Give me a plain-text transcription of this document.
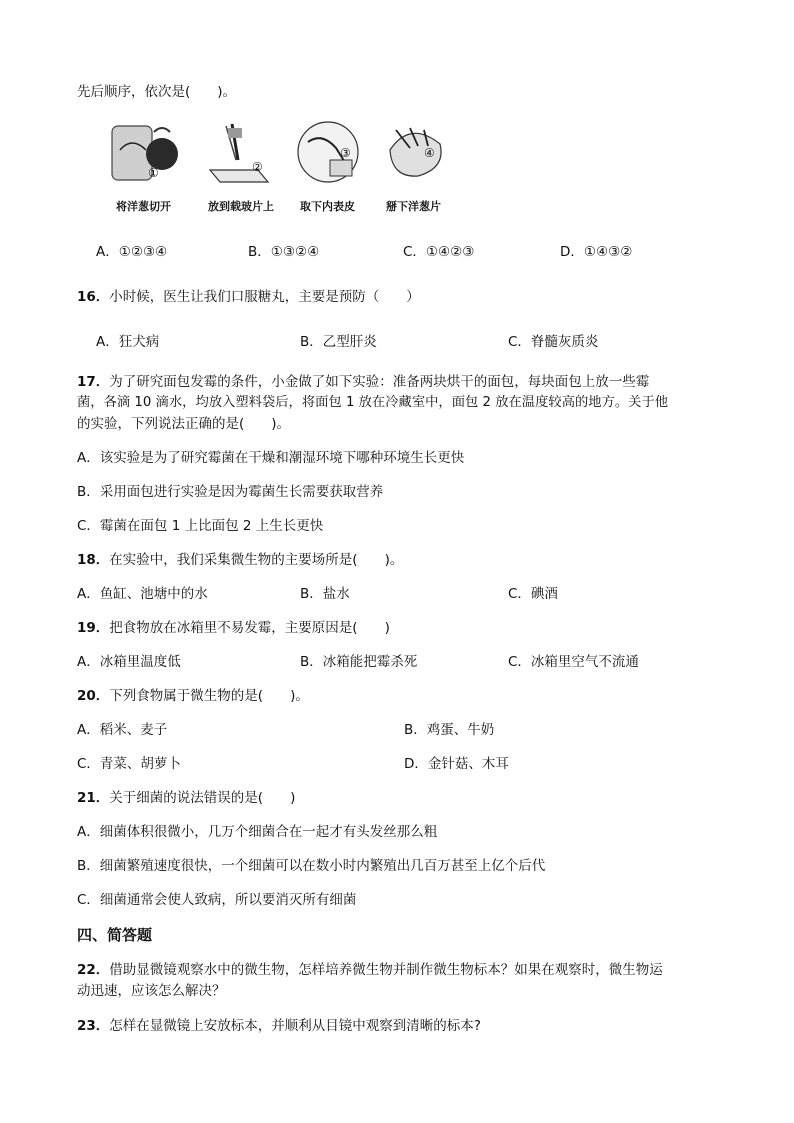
先后顺序，依次是(　　)。
①	②
③	④
将洋葱切开	放到载玻片上 取下内表皮	掰下洋葱片
A．①②③④	B．①③②④	C．①④②③	D．①④③②
16．小时候，医生让我们口服糖丸，主要是预防（　　）
A．狂犬病	B．乙型肝炎	C．脊髓灰质炎
17．为了研究面包发霉的条件，小金做了如下实验：准备两块烘干的面包，每块面包上放一些霉
菌，各滴 10 滴水，均放入塑料袋后，将面包 1 放在冷藏室中，面包 2 放在温度较高的地方。关于他
的实验，下列说法正确的是(　　)。
A．该实验是为了研究霉菌在干燥和潮湿环境下哪种环境生长更快
B．采用面包进行实验是因为霉菌生长需要获取营养
C．霉菌在面包 1 上比面包 2 上生长更快
18．在实验中，我们采集微生物的主要场所是(　　)。
A．鱼缸、池塘中的水	B．盐水	C．碘酒
19．把食物放在冰箱里不易发霉，主要原因是(　　)
A．冰箱里温度低	B．冰箱能把霉杀死	C．冰箱里空气不流通
20．下列食物属于微生物的是(　　)。
A．稻米、麦子	B．鸡蛋、牛奶
C．青菜、胡萝卜	D．金针菇、木耳
21．关于细菌的说法错误的是(　　)
A．细菌体积很微小，几万个细菌合在一起才有头发丝那么粗
B．细菌繁殖速度很快，一个细菌可以在数小时内繁殖出几百万甚至上亿个后代
C．细菌通常会使人致病，所以要消灭所有细菌
四、简答题
22．借助显微镜观察水中的微生物，怎样培养微生物并制作微生物标本？如果在观察时，微生物运
动迅速，应该怎么解决？
23．怎样在显微镜上安放标本，并顺利从目镜中观察到清晰的标本?
